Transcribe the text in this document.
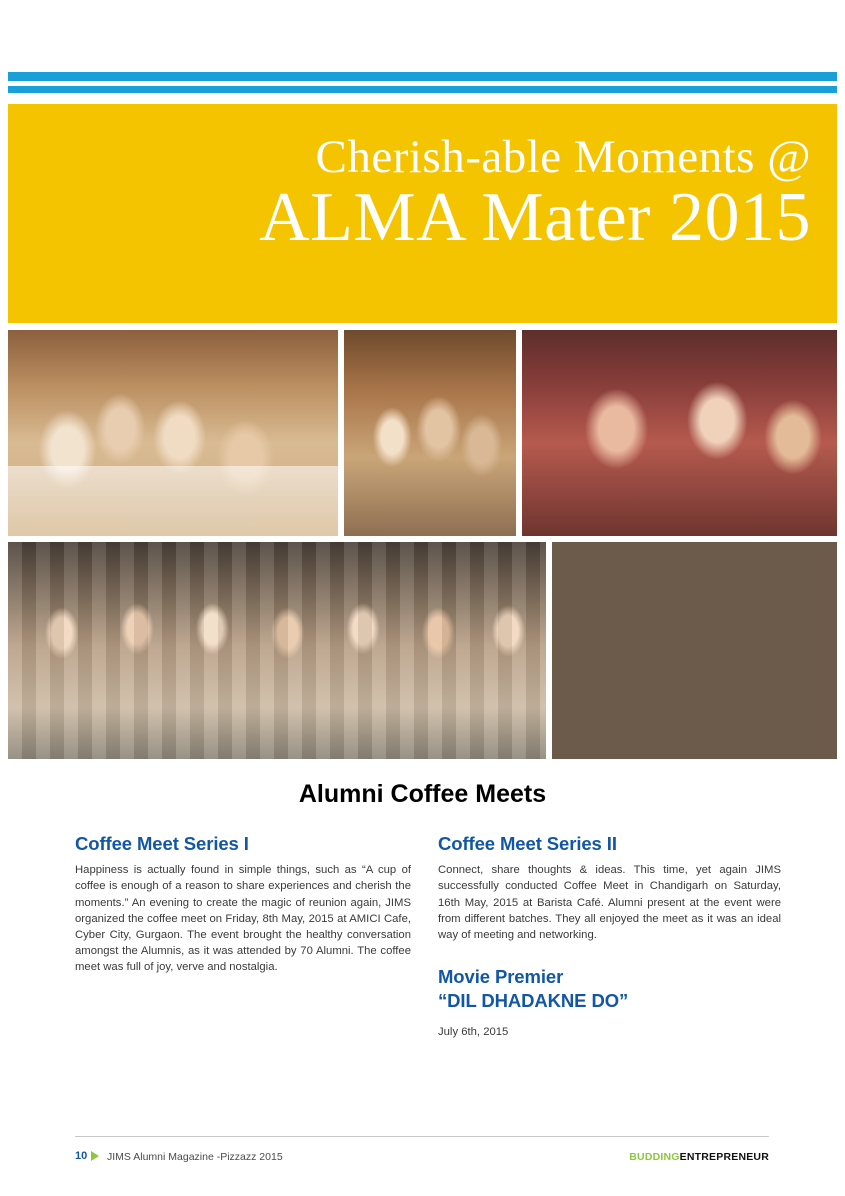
Cherish-able Moments @
ALMA Mater 2015
Alumni Coffee Meets
Coffee Meet Series I

Happiness is actually found in simple things, such as “A cup of coffee is enough of a reason to share experiences and cherish the moments.” An evening to create the magic of reunion again, JIMS organized the coffee meet on Friday, 8th May, 2015 at AMICI Cafe, Cyber City, Gurgaon. The event brought the healthy conversation amongst the Alumnis, as it was attended by 70 Alumni. The coffee meet was full of joy, verve and nostalgia.

Coffee Meet Series II

Connect, share thoughts & ideas. This time, yet again JIMS successfully conducted Coffee Meet in Chandigarh on Saturday, 16th May, 2015 at Barista Café. Alumni present at the event were from different batches. They all enjoyed the meet as it was an ideal way of meeting and networking.

Movie Premier
“DIL DHADAKNE DO”
July 6th, 2015
10 JIMS Alumni Magazine -Pizzazz 2015	BUDDINGENTREPRENEUR
